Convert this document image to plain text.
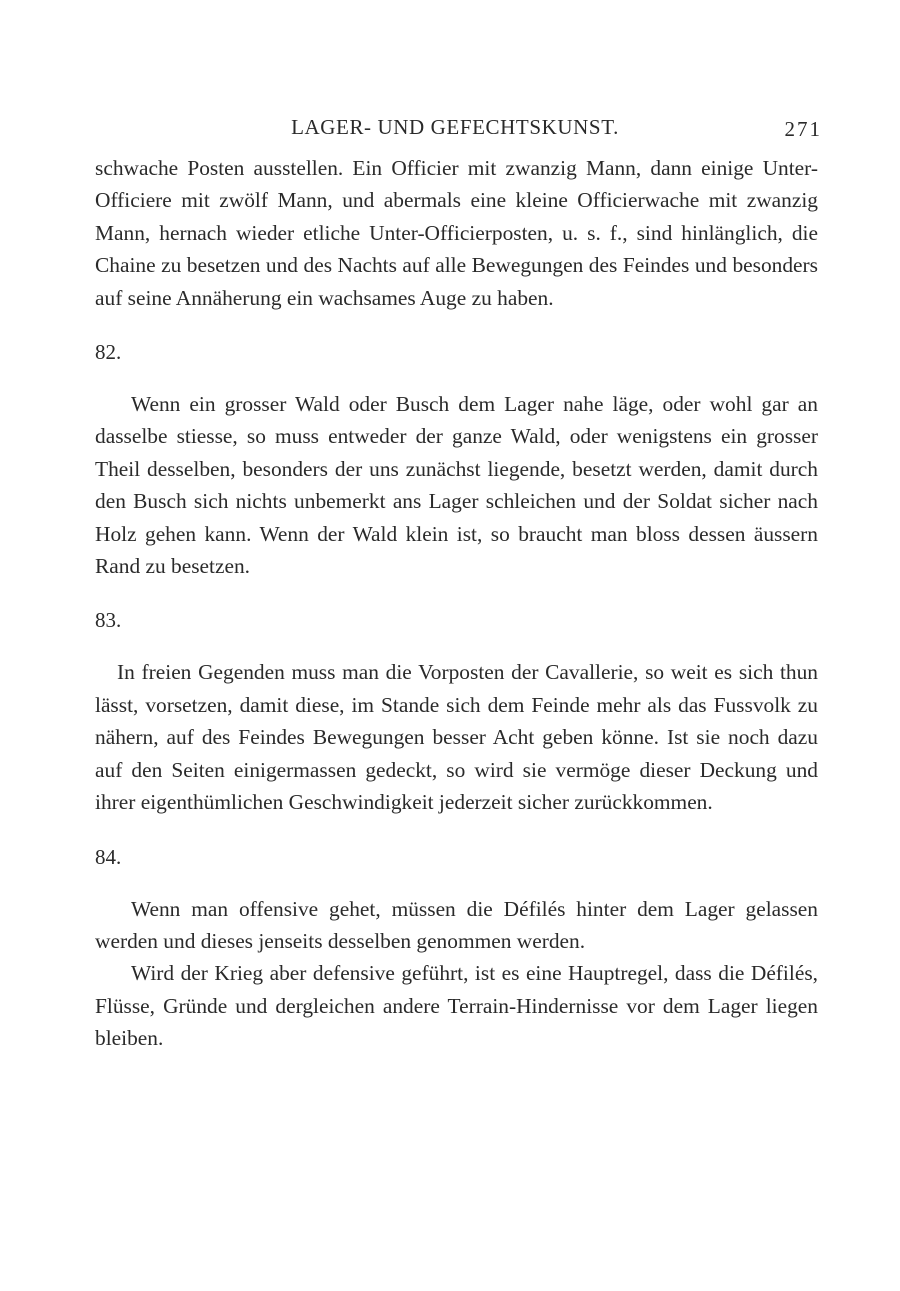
LAGER- UND GEFECHTSKUNST.	271

schwache Posten ausstellen. Ein Officier mit zwanzig Mann, dann einige Unter-Officiere mit zwölf Mann, und abermals eine kleine Officierwache mit zwanzig Mann, hernach wieder etliche Unter-Officierposten, u. s. f., sind hinlänglich, die Chaine zu besetzen und des Nachts auf alle Bewegungen des Feindes und besonders auf seine Annäherung ein wachsames Auge zu haben.

82.

Wenn ein grosser Wald oder Busch dem Lager nahe läge, oder wohl gar an dasselbe stiesse, so muss entweder der ganze Wald, oder wenigstens ein grosser Theil desselben, besonders der uns zunächst liegende, besetzt werden, damit durch den Busch sich nichts unbemerkt ans Lager schleichen und der Soldat sicher nach Holz gehen kann. Wenn der Wald klein ist, so braucht man bloss dessen äussern Rand zu besetzen.

83.

In freien Gegenden muss man die Vorposten der Cavallerie, so weit es sich thun lässt, vorsetzen, damit diese, im Stande sich dem Feinde mehr als das Fussvolk zu nähern, auf des Feindes Bewegungen besser Acht geben könne. Ist sie noch dazu auf den Seiten einigermassen gedeckt, so wird sie vermöge dieser Deckung und ihrer eigenthümlichen Geschwindigkeit jederzeit sicher zurückkommen.

84.

Wenn man offensive gehet, müssen die Défilés hinter dem Lager gelassen werden und dieses jenseits desselben genommen werden.

Wird der Krieg aber defensive geführt, ist es eine Hauptregel, dass die Défilés, Flüsse, Gründe und dergleichen andere Terrain-Hindernisse vor dem Lager liegen bleiben.
